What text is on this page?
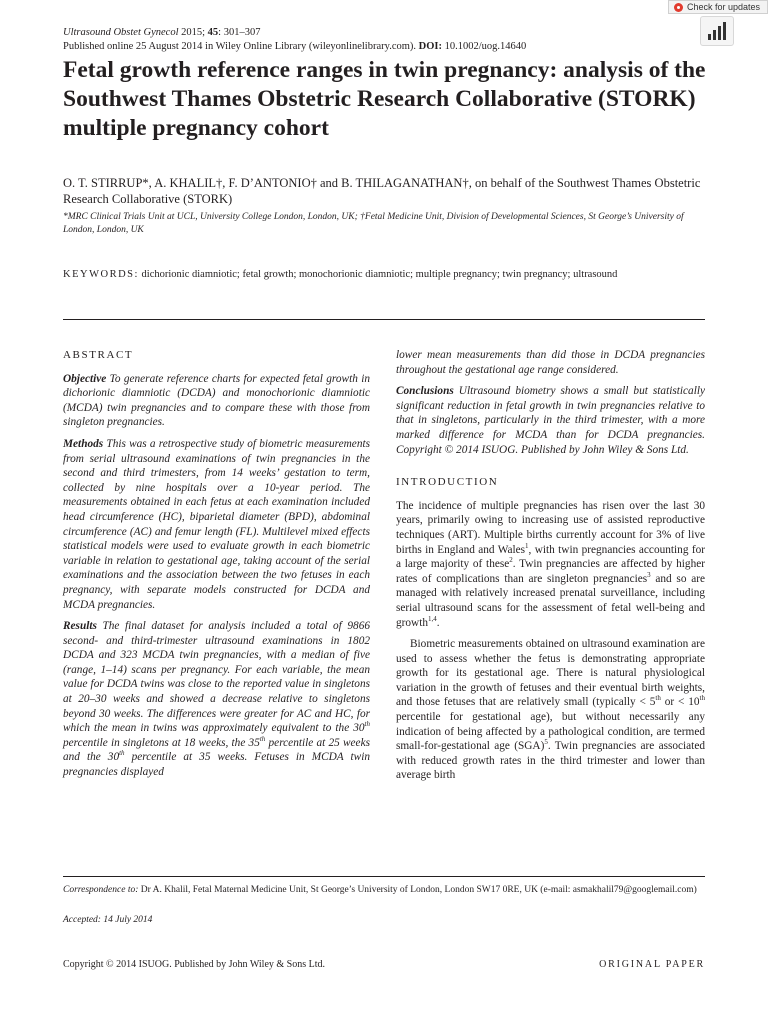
Ultrasound Obstet Gynecol 2015; 45: 301–307
Published online 25 August 2014 in Wiley Online Library (wileyonlinelibrary.com). DOI: 10.1002/uog.14640
Check for updates
Fetal growth reference ranges in twin pregnancy: analysis of the Southwest Thames Obstetric Research Collaborative (STORK) multiple pregnancy cohort
O. T. STIRRUP*, A. KHALIL†, F. D’ANTONIO† and B. THILAGANATHAN†, on behalf of the Southwest Thames Obstetric Research Collaborative (STORK)
*MRC Clinical Trials Unit at UCL, University College London, London, UK; †Fetal Medicine Unit, Division of Developmental Sciences, St George’s University of London, London, UK
KEYWORDS: dichorionic diamniotic; fetal growth; monochorionic diamniotic; multiple pregnancy; twin pregnancy; ultrasound
ABSTRACT

Objective To generate reference charts for expected fetal growth in dichorionic diamniotic (DCDA) and monochorionic diamniotic (MCDA) twin pregnancies and to compare these with those from singleton pregnancies.

Methods This was a retrospective study of biometric measurements from serial ultrasound examinations of twin pregnancies in the second and third trimesters, from 14 weeks’ gestation to term, collected by nine hospitals over a 10-year period. The measurements obtained in each fetus at each examination included head circumference (HC), biparietal diameter (BPD), abdominal circumference (AC) and femur length (FL). Multilevel mixed effects statistical models were used to evaluate growth in each biometric variable in relation to gestational age, taking account of the serial examinations and the association between the two fetuses in each pregnancy, with separate models constructed for DCDA and MCDA pregnancies.

Results The final dataset for analysis included a total of 9866 second- and third-trimester ultrasound examinations in 1802 DCDA and 323 MCDA twin pregnancies, with a median of five (range, 1–14) scans per pregnancy. For each variable, the mean value for DCDA twins was close to the reported value in singletons at 20–30 weeks and showed a decrease relative to singletons beyond 30 weeks. The differences were greater for AC and HC, for which the mean in twins was approximately equivalent to the 30th percentile in singletons at 18 weeks, the 35th percentile at 25 weeks and the 30th percentile at 35 weeks. Fetuses in MCDA twin pregnancies displayed

lower mean measurements than did those in DCDA pregnancies throughout the gestational age range considered.

Conclusions Ultrasound biometry shows a small but statistically significant reduction in fetal growth in twin pregnancies relative to that in singletons, particularly in the third trimester, with a more marked difference for MCDA than for DCDA pregnancies. Copyright © 2014 ISUOG. Published by John Wiley & Sons Ltd.

INTRODUCTION

The incidence of multiple pregnancies has risen over the last 30 years, primarily owing to increasing use of assisted reproductive techniques (ART). Multiple births currently account for 3% of live births in England and Wales$^1$, with twin pregnancies accounting for a large majority of these$^2$. Twin pregnancies are affected by higher rates of complications than are singleton pregnancies$^3$ and so are managed with relatively increased prenatal surveillance, including serial ultrasound scans for the assessment of fetal well-being and growth$^{1,4}$.

Biometric measurements obtained on ultrasound examination are used to assess whether the fetus is demonstrating appropriate growth for its gestational age. There is natural physiological variation in the growth of fetuses and their eventual birth weights, and those fetuses that are relatively small (typically < 5th or < 10th percentile for gestational age), but without necessarily any indication of being affected by a pathological condition, are termed small-for-gestational age (SGA)$^5$. Twin pregnancies are associated with reduced growth rates in the third trimester and lower than average birth

Correspondence to: Dr A. Khalil, Fetal Maternal Medicine Unit, St George’s University of London, London SW17 0RE, UK (e-mail: asmakhalil79@googlemail.com)
Accepted: 14 July 2014
Copyright © 2014 ISUOG. Published by John Wiley & Sons Ltd.	ORIGINAL PAPER
